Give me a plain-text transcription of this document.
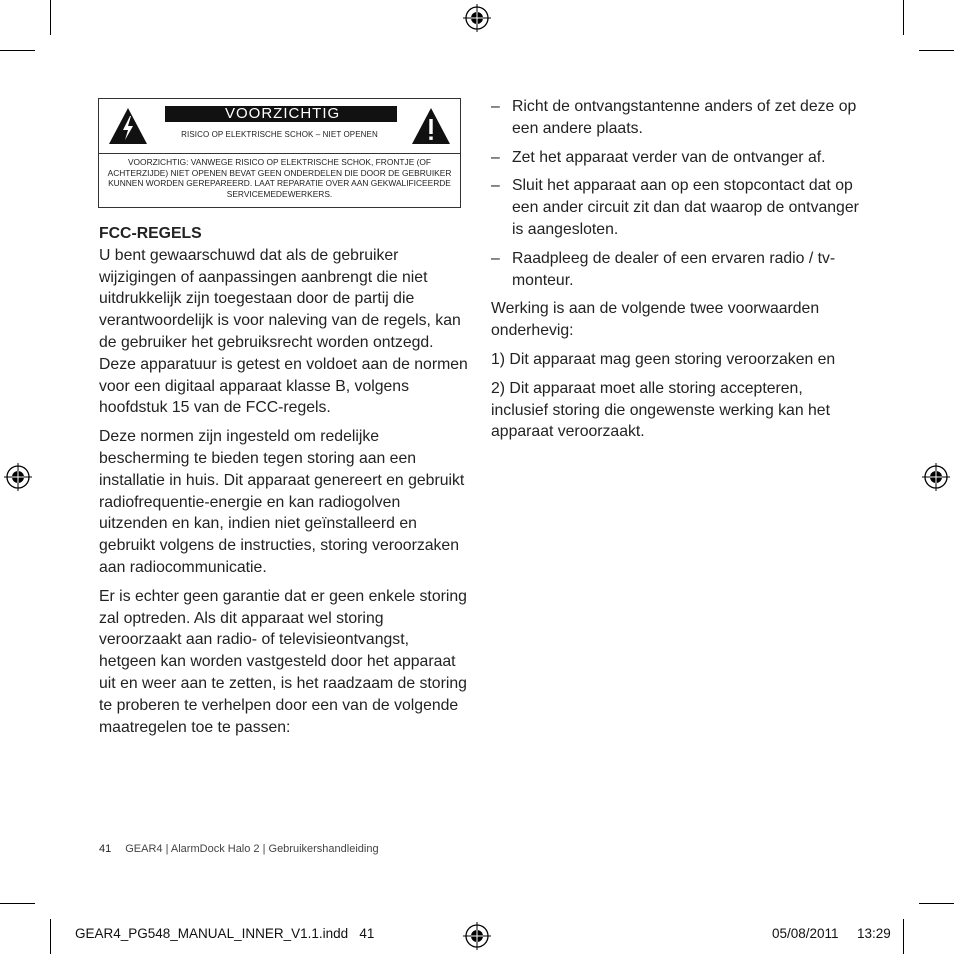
VOORZICHTIG
RISICO OP ELEKTRISCHE SCHOK – NIET OPENEN
VOORZICHTIG: VANWEGE RISICO OP ELEKTRISCHE SCHOK, FRONTJE (OF ACHTERZIJDE) NIET OPENEN BEVAT GEEN ONDERDELEN DIE DOOR DE GEBRUIKER KUNNEN WORDEN GEREPAREERD. LAAT REPARATIE OVER AAN GEKWALIFICEERDE SERVICEMEDEWERKERS.
FCC-REGELS

U bent gewaarschuwd dat als de gebruiker wijzigingen of aanpassingen aanbrengt die niet uitdrukkelijk zijn toegestaan door de partij die verantwoordelijk is voor naleving van de regels, kan de gebruiker het gebruiksrecht worden ontzegd. Deze apparatuur is getest en voldoet aan de normen voor een digitaal apparaat klasse B, volgens hoofdstuk 15 van de FCC-regels.

Deze normen zijn ingesteld om redelijke bescherming te bieden tegen storing aan een installatie in huis. Dit apparaat genereert en gebruikt radiofrequentie-energie en kan radiogolven uitzenden en kan, indien niet geïnstalleerd en gebruikt volgens de instructies, storing veroorzaken aan radiocommunicatie.

Er is echter geen garantie dat er geen enkele storing zal optreden. Als dit apparaat wel storing veroorzaakt aan radio- of televisieontvangst, hetgeen kan worden vastgesteld door het apparaat uit en weer aan te zetten, is het raadzaam de storing te proberen te verhelpen door een van de volgende maatregelen toe te passen:

– Richt de ontvangstantenne anders of zet deze op een andere plaats.
– Zet het apparaat verder van de ontvanger af.
– Sluit het apparaat aan op een stopcontact dat op een ander circuit zit dan dat waarop de ontvanger is aangesloten.
– Raadpleeg de dealer of een ervaren radio / tv-monteur.

Werking is aan de volgende twee voorwaarden onderhevig:

1) Dit apparaat mag geen storing veroorzaken en

2) Dit apparaat moet alle storing accepteren, inclusief storing die ongewenste werking kan het apparaat veroorzaakt.

41 GEAR4 | AlarmDock Halo 2 | Gebruikershandleiding
GEAR4_PG548_MANUAL_INNER_V1.1.indd   41	05/08/2011 13:29
